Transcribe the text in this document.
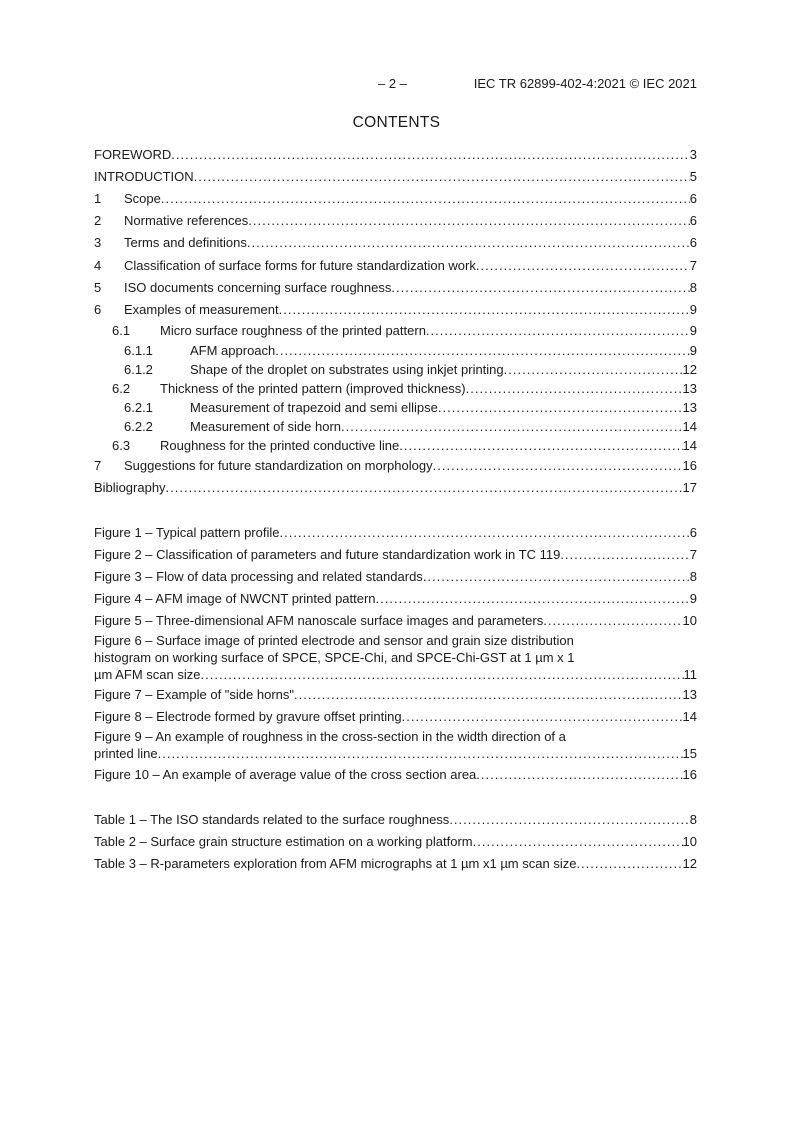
– 2 –	IEC TR 62899-402-4:2021 © IEC 2021
CONTENTS
FOREWORD . . .	3
INTRODUCTION . . .	5
1	Scope . . .	6
2	Normative references . . .	6
3	Terms and definitions . . .	6
4	Classification of surface forms for future standardization work . . .	7
5	ISO documents concerning surface roughness . . .	8
6	Examples of measurement . . .	9
6.1	Micro surface roughness of the printed pattern . . .	9
6.1.1	AFM approach . . .	9
6.1.2	Shape of the droplet on substrates using inkjet printing . . .	12
6.2	Thickness of the printed pattern (improved thickness) . . .	13
6.2.1	Measurement of trapezoid and semi ellipse . . .	13
6.2.2	Measurement of side horn . . .	14
6.3	Roughness for the printed conductive line . . .	14
7	Suggestions for future standardization on morphology . . .	16
Bibliography . . .	17
Figure 1 – Typical pattern profile . . .	6
Figure 2 – Classification of parameters and future standardization work in TC 119 . . .	7
Figure 3 – Flow of data processing and related standards . . .	8
Figure 4 – AFM image of NWCNT printed pattern . . .	9
Figure 5 – Three-dimensional AFM nanoscale surface images and parameters . . .	10
Figure 6 – Surface image of printed electrode and sensor and grain size distribution
histogram on working surface of SPCE, SPCE-Chi, and SPCE-Chi-GST at 1 µm x 1
µm AFM scan size . . .	11
Figure 7 – Example of "side horns" . . .	13
Figure 8 – Electrode formed by gravure offset printing . . .	14
Figure 9 – An example of roughness in the cross-section in the width direction of a
printed line . . .	15
Figure 10 – An example of average value of the cross section area . . .	16
Table 1 – The ISO standards related to the surface roughness . . .	8
Table 2 – Surface grain structure estimation on a working platform . . .	10
Table 3 – R-parameters exploration from AFM micrographs at 1 µm x1 µm scan size . . .	12
